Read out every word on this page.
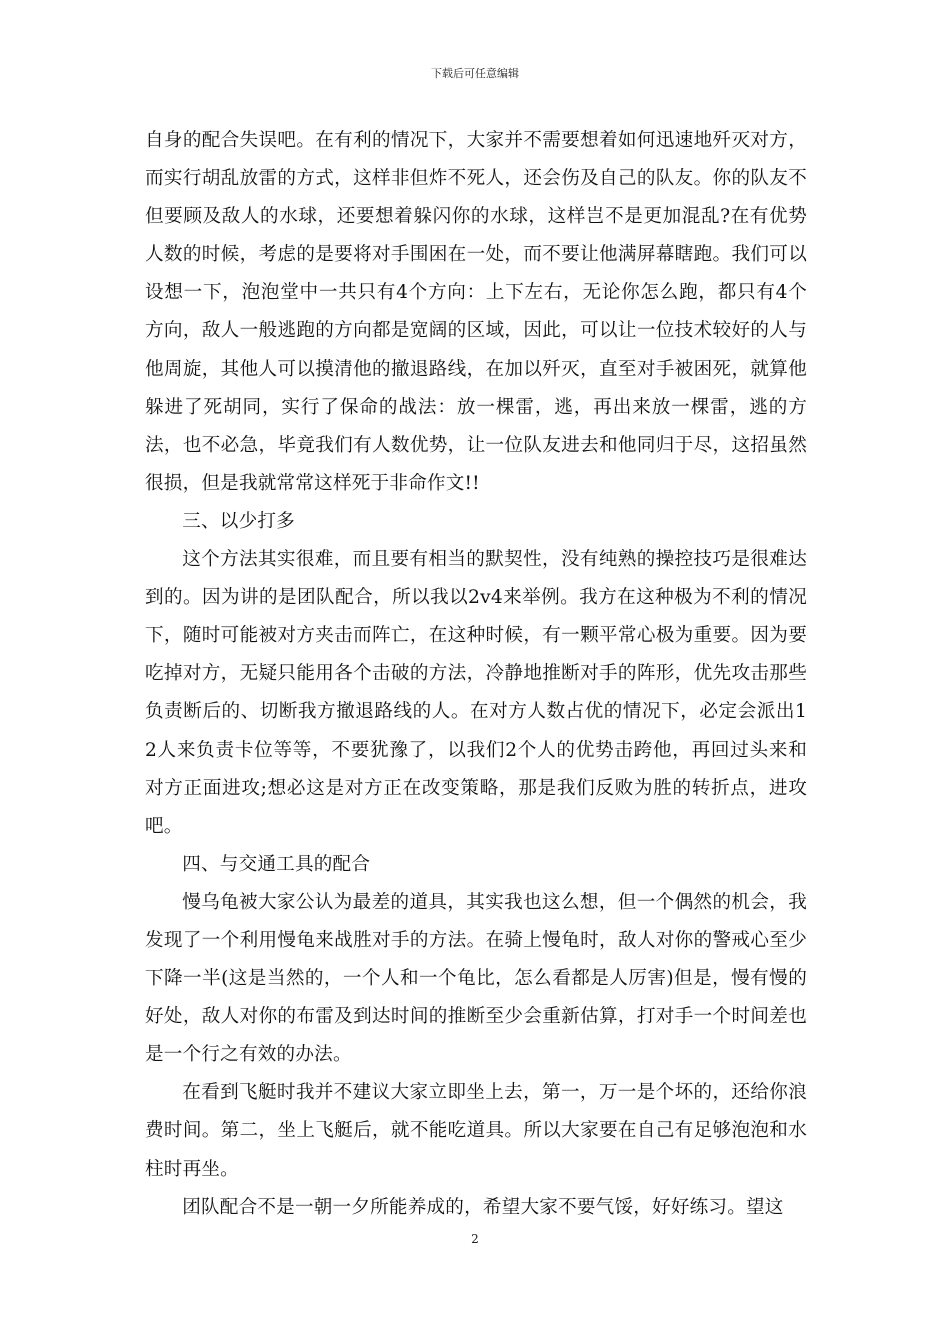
下载后可任意编辑

自身的配合失误吧。在有利的情况下，大家并不需要想着如何迅速地歼灭对方，而实行胡乱放雷的方式，这样非但炸不死人，还会伤及自己的队友。你的队友不但要顾及敌人的水球，还要想着躲闪你的水球，这样岂不是更加混乱?在有优势人数的时候，考虑的是要将对手围困在一处，而不要让他满屏幕瞎跑。我们可以设想一下，泡泡堂中一共只有4个方向：上下左右，无论你怎么跑，都只有4个方向，敌人一般逃跑的方向都是宽阔的区域，因此，可以让一位技术较好的人与他周旋，其他人可以摸清他的撤退路线，在加以歼灭，直至对手被困死，就算他躲进了死胡同，实行了保命的战法：放一棵雷，逃，再出来放一棵雷，逃的方法，也不必急，毕竟我们有人数优势，让一位队友进去和他同归于尽，这招虽然很损，但是我就常常这样死于非命作文!!

三、以少打多

这个方法其实很难，而且要有相当的默契性，没有纯熟的操控技巧是很难达到的。因为讲的是团队配合，所以我以2v4来举例。我方在这种极为不利的情况下，随时可能被对方夹击而阵亡，在这种时候，有一颗平常心极为重要。因为要吃掉对方，无疑只能用各个击破的方法，冷静地推断对手的阵形，优先攻击那些负责断后的、切断我方撤退路线的人。在对方人数占优的情况下，必定会派出12人来负责卡位等等，不要犹豫了，以我们2个人的优势击跨他，再回过头来和对方正面进攻;想必这是对方正在改变策略，那是我们反败为胜的转折点，进攻吧。

四、与交通工具的配合

慢乌龟被大家公认为最差的道具，其实我也这么想，但一个偶然的机会，我发现了一个利用慢龟来战胜对手的方法。在骑上慢龟时，敌人对你的警戒心至少下降一半(这是当然的，一个人和一个龟比，怎么看都是人厉害)但是，慢有慢的好处，敌人对你的布雷及到达时间的推断至少会重新估算，打对手一个时间差也是一个行之有效的办法。

在看到飞艇时我并不建议大家立即坐上去，第一，万一是个坏的，还给你浪费时间。第二，坐上飞艇后，就不能吃道具。所以大家要在自己有足够泡泡和水柱时再坐。

团队配合不是一朝一夕所能养成的，希望大家不要气馁，好好练习。望这

2
